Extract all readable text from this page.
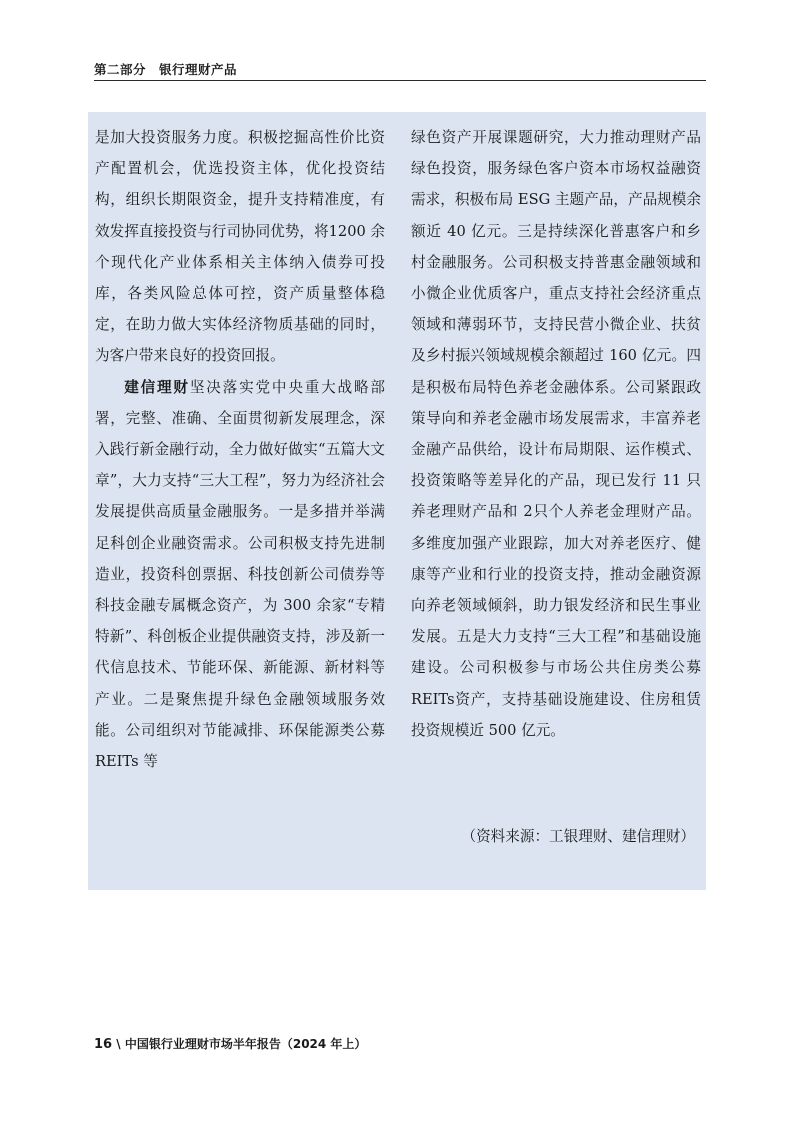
第二部分　银行理财产品

是加大投资服务力度。积极挖掘高性价比资产配置机会，优选投资主体，优化投资结构，组织长期限资金，提升支持精准度，有效发挥直接投资与行司协同优势，将1200 余个现代化产业体系相关主体纳入债券可投库，各类风险总体可控，资产质量整体稳定，在助力做大实体经济物质基础的同时，为客户带来良好的投资回报。

建信理财坚决落实党中央重大战略部署，完整、准确、全面贯彻新发展理念，深入践行新金融行动，全力做好做实“五篇大文章”，大力支持“三大工程”，努力为经济社会发展提供高质量金融服务。一是多措并举满足科创企业融资需求。公司积极支持先进制造业，投资科创票据、科技创新公司债券等科技金融专属概念资产，为 300 余家“专精特新”、科创板企业提供融资支持，涉及新一代信息技术、节能环保、新能源、新材料等产业。二是聚焦提升绿色金融领域服务效能。公司组织对节能减排、环保能源类公募 REITs 等

绿色资产开展课题研究，大力推动理财产品绿色投资，服务绿色客户资本市场权益融资需求，积极布局 ESG 主题产品，产品规模余额近 40 亿元。三是持续深化普惠客户和乡村金融服务。公司积极支持普惠金融领域和小微企业优质客户，重点支持社会经济重点领域和薄弱环节，支持民营小微企业、扶贫及乡村振兴领域规模余额超过 160 亿元。四是积极布局特色养老金融体系。公司紧跟政策导向和养老金融市场发展需求，丰富养老金融产品供给，设计布局期限、运作模式、投资策略等差异化的产品，现已发行 11 只养老理财产品和 2只个人养老金理财产品。多维度加强产业跟踪，加大对养老医疗、健康等产业和行业的投资支持，推动金融资源向养老领域倾斜，助力银发经济和民生事业发展。五是大力支持“三大工程”和基础设施建设。公司积极参与市场公共住房类公募 REITs资产，支持基础设施建设、住房租赁投资规模近 500 亿元。

（资料来源：工银理财、建信理财）
16 \ 中国银行业理财市场半年报告（2024 年上）
